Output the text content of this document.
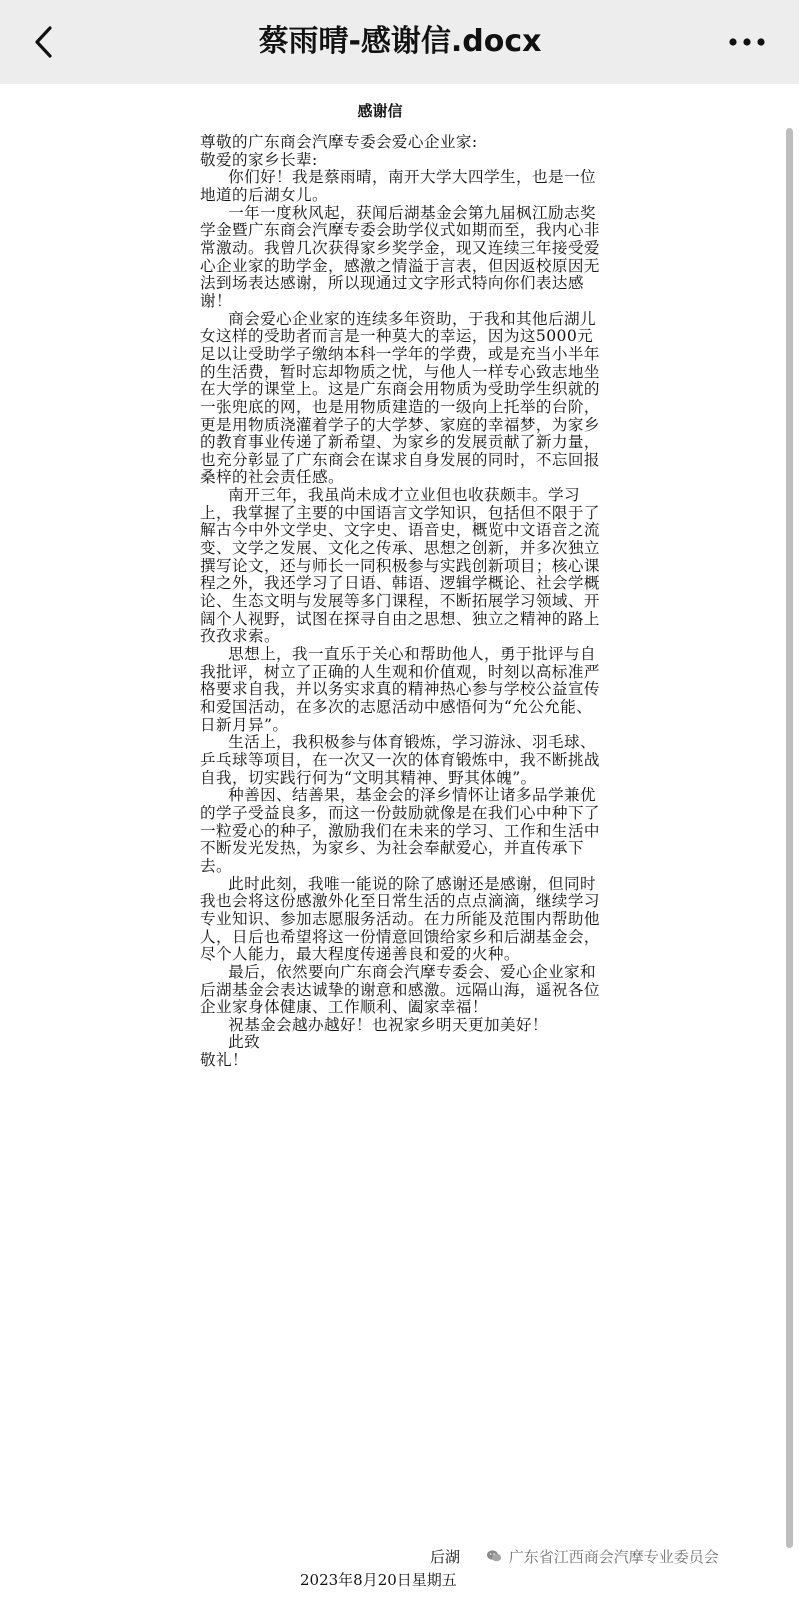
蔡雨晴-感谢信.docx
感谢信

尊敬的广东商会汽摩专委会爱心企业家:

敬爱的家乡长辈:

你们好！我是蔡雨晴，南开大学大四学生，也是一位地道的后湖女儿。

一年一度秋风起，获闻后湖基金会第九届枫江励志奖学金暨广东商会汽摩专委会助学仪式如期而至，我内心非常激动。我曾几次获得家乡奖学金，现又连续三年接受爱心企业家的助学金，感激之情溢于言表，但因返校原因无法到场表达感谢，所以现通过文字形式特向你们表达感谢！

商会爱心企业家的连续多年资助，于我和其他后湖儿女这样的受助者而言是一种莫大的幸运，因为这5000元足以让受助学子缴纳本科一学年的学费，或是充当小半年的生活费，暂时忘却物质之忧，与他人一样专心致志地坐在大学的课堂上。这是广东商会用物质为受助学生织就的一张兜底的网，也是用物质建造的一级向上托举的台阶，更是用物质浇灌着学子的大学梦、家庭的幸福梦，为家乡的教育事业传递了新希望、为家乡的发展贡献了新力量，也充分彰显了广东商会在谋求自身发展的同时，不忘回报桑梓的社会责任感。

南开三年，我虽尚未成才立业但也收获颇丰。学习上，我掌握了主要的中国语言文学知识，包括但不限于了解古今中外文学史、文字史、语音史，概览中文语音之流变、文学之发展、文化之传承、思想之创新，并多次独立撰写论文，还与师长一同积极参与实践创新项目；核心课程之外，我还学习了日语、韩语、逻辑学概论、社会学概论、生态文明与发展等多门课程，不断拓展学习领域、开阔个人视野，试图在探寻自由之思想、独立之精神的路上孜孜求索。

思想上，我一直乐于关心和帮助他人，勇于批评与自我批评，树立了正确的人生观和价值观，时刻以高标准严格要求自我，并以务实求真的精神热心参与学校公益宣传和爱国活动，在多次的志愿活动中感悟何为“允公允能、日新月异”。

生活上，我积极参与体育锻炼，学习游泳、羽毛球、乒乓球等项目，在一次又一次的体育锻炼中，我不断挑战自我，切实践行何为“文明其精神、野其体魄”。

种善因、结善果，基金会的泽乡情怀让诸多品学兼优的学子受益良多，而这一份鼓励就像是在我们心中种下了一粒爱心的种子，激励我们在未来的学习、工作和生活中不断发光发热，为家乡、为社会奉献爱心，并直传承下去。

此时此刻，我唯一能说的除了感谢还是感谢，但同时我也会将这份感激外化至日常生活的点点滴滴，继续学习专业知识、参加志愿服务活动。在力所能及范围内帮助他人，日后也希望将这一份情意回馈给家乡和后湖基金会，尽个人能力，最大程度传递善良和爱的火种。

最后，依然要向广东商会汽摩专委会、爱心企业家和后湖基金会表达诚挚的谢意和感激。远隔山海，遥祝各位企业家身体健康、工作顺利、阖家幸福！

祝基金会越办越好！也祝家乡明天更加美好！

此致

敬礼！

后湖	广东省江西商会汽摩专业委员会
2023年8月20日星期五
